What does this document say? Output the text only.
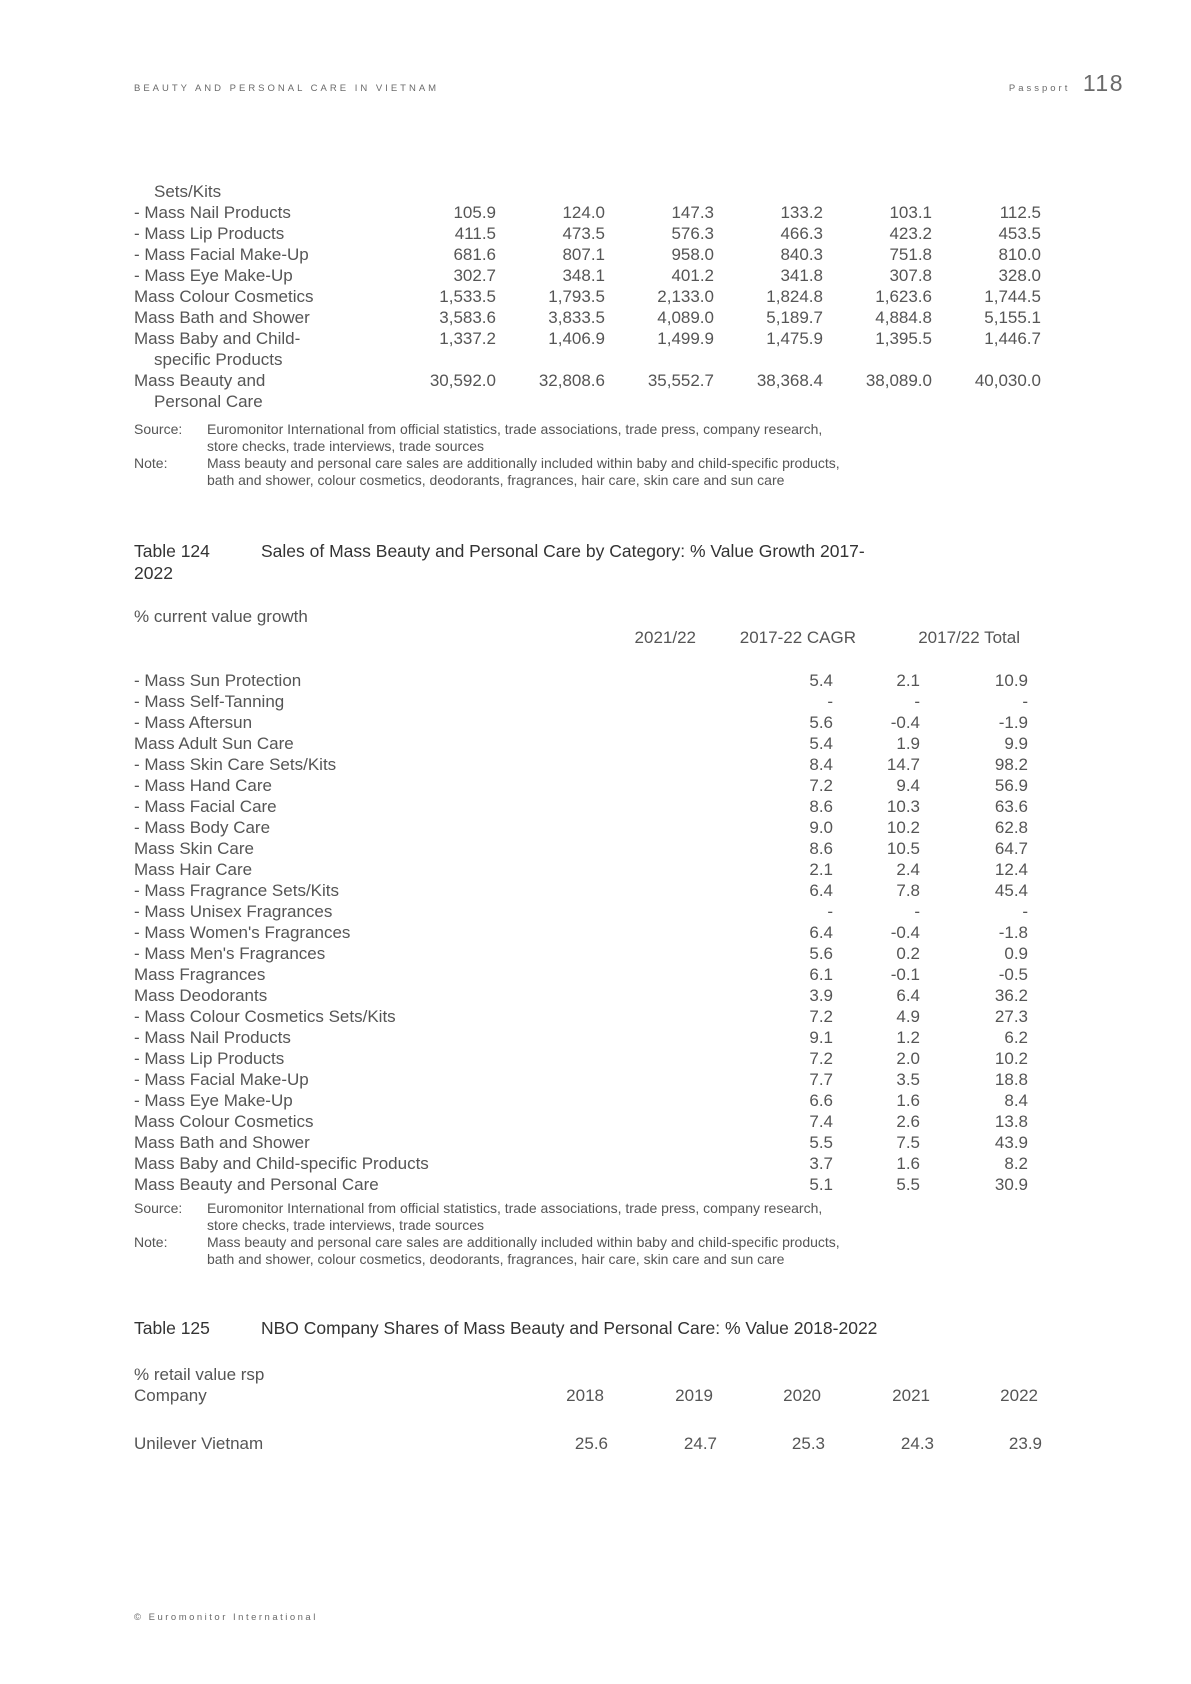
BEAUTY AND PERSONAL CARE IN VIETNAM	Passport 118
Sets/Kits
- Mass Nail Products	105.9	124.0	147.3	133.2	103.1	112.5
- Mass Lip Products	411.5	473.5	576.3	466.3	423.2	453.5
- Mass Facial Make-Up	681.6	807.1	958.0	840.3	751.8	810.0
- Mass Eye Make-Up	302.7	348.1	401.2	341.8	307.8	328.0
Mass Colour Cosmetics	1,533.5	1,793.5	2,133.0	1,824.8	1,623.6	1,744.5
Mass Bath and Shower	3,583.6	3,833.5	4,089.0	5,189.7	4,884.8	5,155.1
Mass Baby and Child-	1,337.2	1,406.9	1,499.9	1,475.9	1,395.5	1,446.7
specific Products
Mass Beauty and	30,592.0	32,808.6	35,552.7	38,368.4	38,089.0	40,030.0
Personal Care
Source: Euromonitor International from official statistics, trade associations, trade press, company research,
store checks, trade interviews, trade sources
Note:	Mass beauty and personal care sales are additionally included within baby and child-specific products,
bath and shower, colour cosmetics, deodorants, fragrances, hair care, skin care and sun care
Table 124	Sales of Mass Beauty and Personal Care by Category: % Value Growth 2017-
2022
% current value growth
2021/22	2017-22 CAGR	2017/22 Total
- Mass Sun Protection	5.4	2.1	10.9
- Mass Self-Tanning	-	-	-
- Mass Aftersun	5.6	-0.4	-1.9
Mass Adult Sun Care	5.4	1.9	9.9
- Mass Skin Care Sets/Kits	8.4	14.7	98.2
- Mass Hand Care	7.2	9.4	56.9
- Mass Facial Care	8.6	10.3	63.6
- Mass Body Care	9.0	10.2	62.8
Mass Skin Care	8.6	10.5	64.7
Mass Hair Care	2.1	2.4	12.4
- Mass Fragrance Sets/Kits	6.4	7.8	45.4
- Mass Unisex Fragrances	-	-	-
- Mass Women's Fragrances	6.4	-0.4	-1.8
- Mass Men's Fragrances	5.6	0.2	0.9
Mass Fragrances	6.1	-0.1	-0.5
Mass Deodorants	3.9	6.4	36.2
- Mass Colour Cosmetics Sets/Kits	7.2	4.9	27.3
- Mass Nail Products	9.1	1.2	6.2
- Mass Lip Products	7.2	2.0	10.2
- Mass Facial Make-Up	7.7	3.5	18.8
- Mass Eye Make-Up	6.6	1.6	8.4
Mass Colour Cosmetics	7.4	2.6	13.8
Mass Bath and Shower	5.5	7.5	43.9
Mass Baby and Child-specific Products	3.7	1.6	8.2
Mass Beauty and Personal Care	5.1	5.5	30.9
Source: Euromonitor International from official statistics, trade associations, trade press, company research,
store checks, trade interviews, trade sources
Note:	Mass beauty and personal care sales are additionally included within baby and child-specific products,
bath and shower, colour cosmetics, deodorants, fragrances, hair care, skin care and sun care
Table 125	NBO Company Shares of Mass Beauty and Personal Care: % Value 2018-2022
% retail value rsp
Company	2018	2019	2020	2021	2022
Unilever Vietnam	25.6	24.7	25.3	24.3	23.9
© Euromonitor International
